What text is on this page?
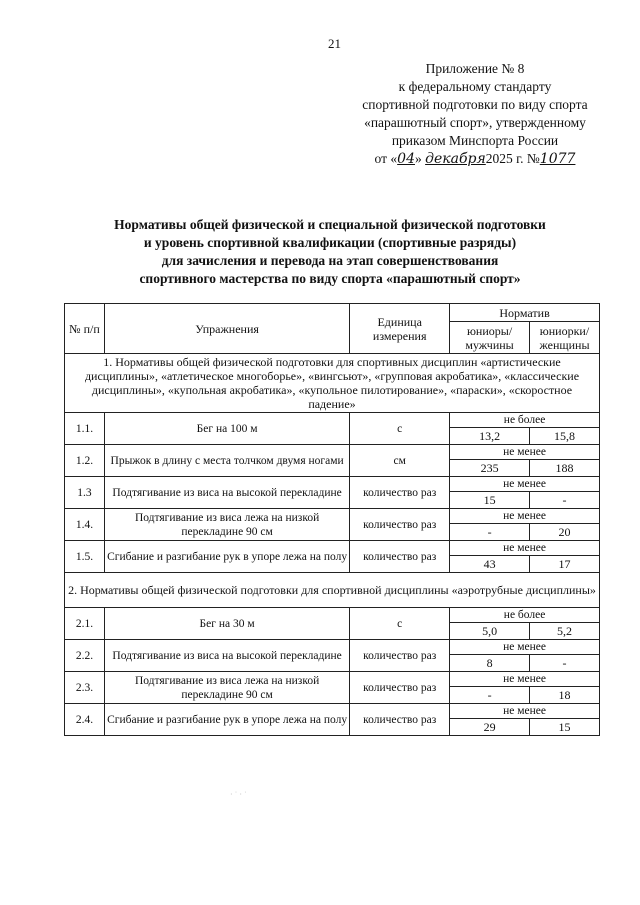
21
Приложение № 8
к федеральному стандарту
спортивной подготовки по виду спорта
«парашютный спорт», утвержденному
приказом Минспорта России
от «04» декабря2025 г. №1077
Нормативы общей физической и специальной физической подготовки
и уровень спортивной квалификации (спортивные разряды)
для зачисления и перевода на этап совершенствования
спортивного мастерства по виду спорта «парашютный спорт»
№ п/п	Упражнения	Единица измерения	Норматив	
			юниоры/ мужчины	юниорки/ женщины
1. Нормативы общей физической подготовки для спортивных дисциплин «артистические дисциплины», «атлетическое многоборье», «вингсьют», «групповая акробатика», «классические дисциплины», «купольная акробатика», «купольное пилотирование», «параски», «скоростное падение»				
1.1.	Бег на 100 м	с	не более	
			13,2	15,8
1.2.	Прыжок в длину с места толчком двумя ногами	см	не менее	
			235	188
1.3	Подтягивание из виса на высокой перекладине	количество раз	не менее	
			15	-
1.4.	Подтягивание из виса лежа на низкой перекладине 90 см	количество раз	не менее	
			-	20
1.5.	Сгибание и разгибание рук в упоре лежа на полу	количество раз	не менее	
			43	17
2. Нормативы общей физической подготовки для спортивной дисциплины «аэротрубные дисциплины»				
2.1.	Бег на 30 м	с	не более	
			5,0	5,2
2.2.	Подтягивание из виса на высокой перекладине	количество раз	не менее	
			8	-
2.3.	Подтягивание из виса лежа на низкой перекладине 90 см	количество раз	не менее	
			-	18
2.4.	Сгибание и разгибание рук в упоре лежа на полу	количество раз	не менее	
			29	15
· ˙ · ˙
